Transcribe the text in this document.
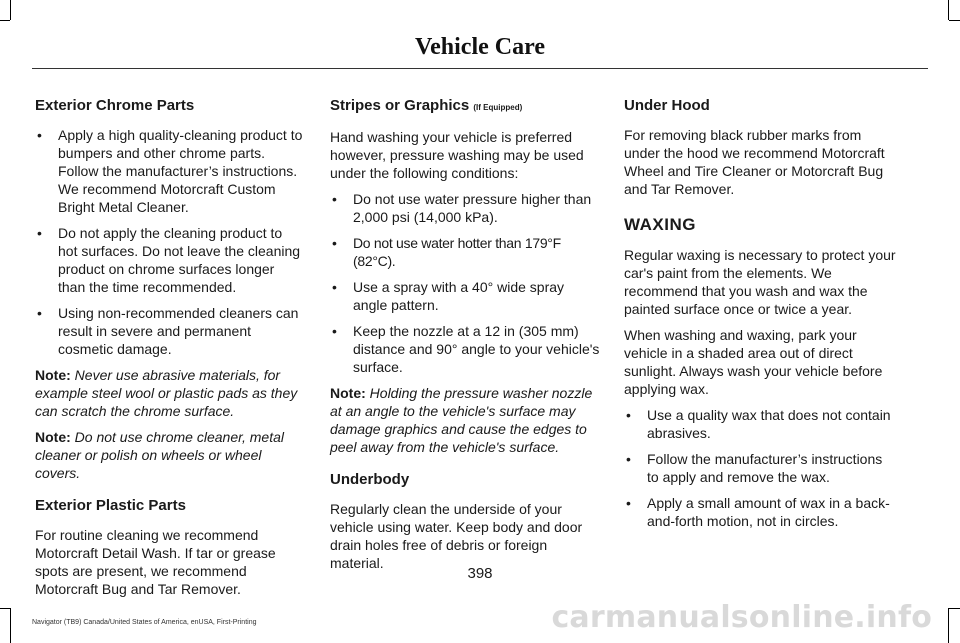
Vehicle Care
Exterior Chrome Parts
• Apply a high quality-cleaning product to bumpers and other chrome parts. Follow the manufacturer’s instructions. We recommend Motorcraft Custom Bright Metal Cleaner.
• Do not apply the cleaning product to hot surfaces. Do not leave the cleaning product on chrome surfaces longer than the time recommended.
• Using non-recommended cleaners can result in severe and permanent cosmetic damage.

Note: Never use abrasive materials, for example steel wool or plastic pads as they can scratch the chrome surface.

Note: Do not use chrome cleaner, metal cleaner or polish on wheels or wheel covers.

Exterior Plastic Parts

For routine cleaning we recommend Motorcraft Detail Wash. If tar or grease spots are present, we recommend Motorcraft Bug and Tar Remover.

Stripes or Graphics (If Equipped)

Hand washing your vehicle is preferred however, pressure washing may be used under the following conditions:

• Do not use water pressure higher than 2,000 psi (14,000 kPa).
• Do not use water hotter than 179°F (82°C).
• Use a spray with a 40° wide spray angle pattern.
• Keep the nozzle at a 12 in (305 mm) distance and 90° angle to your vehicle's surface.

Note: Holding the pressure washer nozzle at an angle to the vehicle's surface may damage graphics and cause the edges to peel away from the vehicle's surface.

Underbody

Regularly clean the underside of your vehicle using water. Keep body and door drain holes free of debris or foreign material.

Under Hood

For removing black rubber marks from under the hood we recommend Motorcraft Wheel and Tire Cleaner or Motorcraft Bug and Tar Remover.

WAXING

Regular waxing is necessary to protect your car's paint from the elements. We recommend that you wash and wax the painted surface once or twice a year.

When washing and waxing, park your vehicle in a shaded area out of direct sunlight. Always wash your vehicle before applying wax.

• Use a quality wax that does not contain abrasives.
• Follow the manufacturer’s instructions to apply and remove the wax.
• Apply a small amount of wax in a back-and-forth motion, not in circles.
398
Navigator (TB9) Canada/United States of America, enUSA, First-Printing	carmanualsonline.info
